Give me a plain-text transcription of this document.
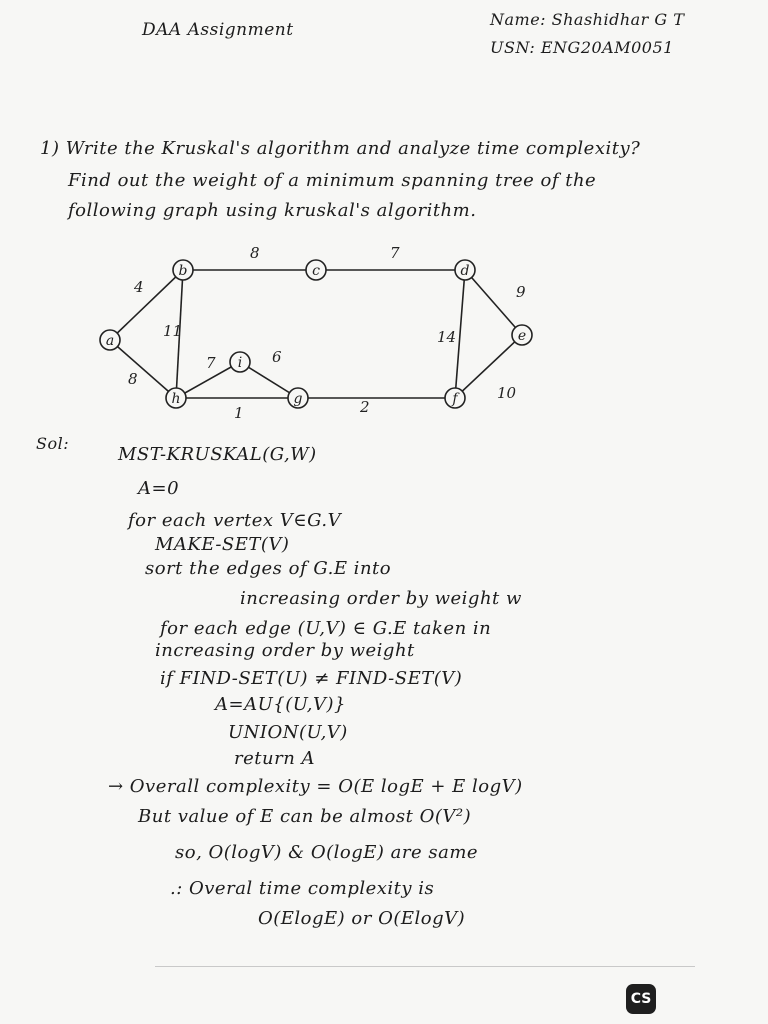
DAA Assignment
Name: Shashidhar G T
USN: ENG20AM0051
1) Write the Kruskal's algorithm and analyze time complexity?
Find out the weight of a minimum spanning tree of the
following graph using kruskal's algorithm.
4
8
8
11
7
9
14
10
7	6
1	2
a
b	c	d
e
f
g
h
i
Sol:
MST-KRUSKAL(G,W)
A=0
for each vertex V∈G.V
MAKE-SET(V)
sort the edges of G.E into
increasing order by weight w
for each edge (U,V) ∈ G.E taken in
increasing order by weight
if FIND-SET(U) ≠ FIND-SET(V)
A=AU{(U,V)}
UNION(U,V)
return A
→ Overall complexity = O(E logE + E logV)
But value of E can be almost O(V²)
so, O(logV) & O(logE) are same
.: Overal time complexity is
O(ElogE) or O(ElogV)
CS
